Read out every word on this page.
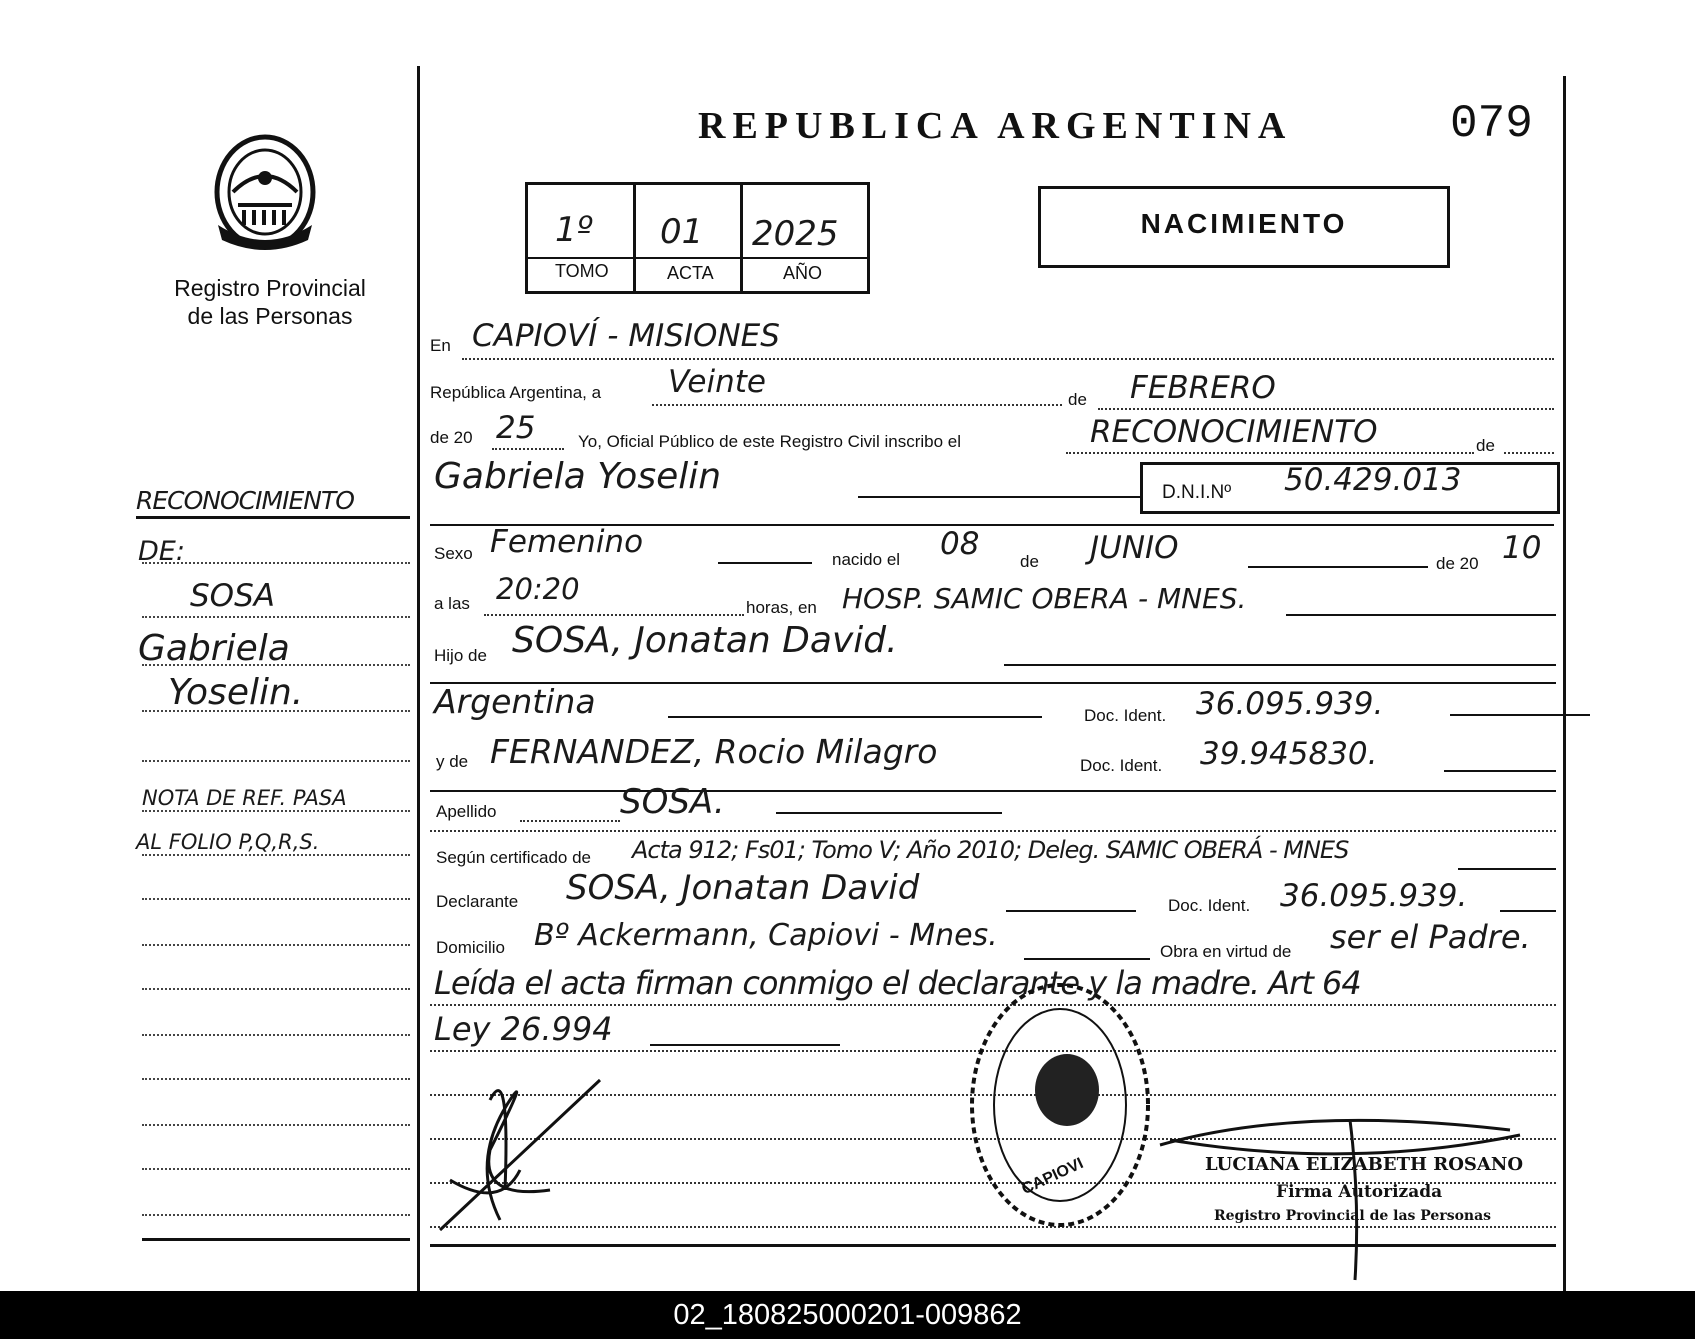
Registro Provincial
de las Personas
REPUBLICA ARGENTINA	079
1º 01 2025
TOMO	ACTA	AÑO
NACIMIENTO
En CAPIOVÍ - MISIONES
República Argentina, a Veinte	de FEBRERO
de 20 25	Yo, Oficial Público de este Registro Civil inscribo el	RECONOCIMIENTO	de
Gabriela Yoselin	D.N.I.Nº 50.429.013
Sexo Femenino	nacido el 08 de JUNIO	de 20 10
a las 20:20
horas, en HOSP. SAMIC OBERA - MNES.
Hijo de SOSA, Jonatan David.
Argentina	Doc. Ident. 36.095.939.
y de FERNANDEZ, Rocio Milagro	Doc. Ident. 39.945830.
Apellido	SOSA.
Según certificado de Acta 912; Fs01; Tomo V; Año 2010; Deleg. SAMIC OBERÁ - MNES
Declarante SOSA, Jonatan David	Doc. Ident. 36.095.939.
Domicilio Bº Ackermann, Capiovi - Mnes.	Obra en virtud de ser el Padre.
Leída el acta firman conmigo el declarante y la madre. Art 64
Ley 26.994
CAPIOVI	LUCIANA ELIZABETH ROSANO
Firma Autorizada
Registro Provincial de las Personas
RECONOCIMIENTO
DE:
SOSA
Gabriela
Yoselin.
NOTA DE REF. PASA
AL FOLIO P,Q,R,S.
02_180825000201-009862
